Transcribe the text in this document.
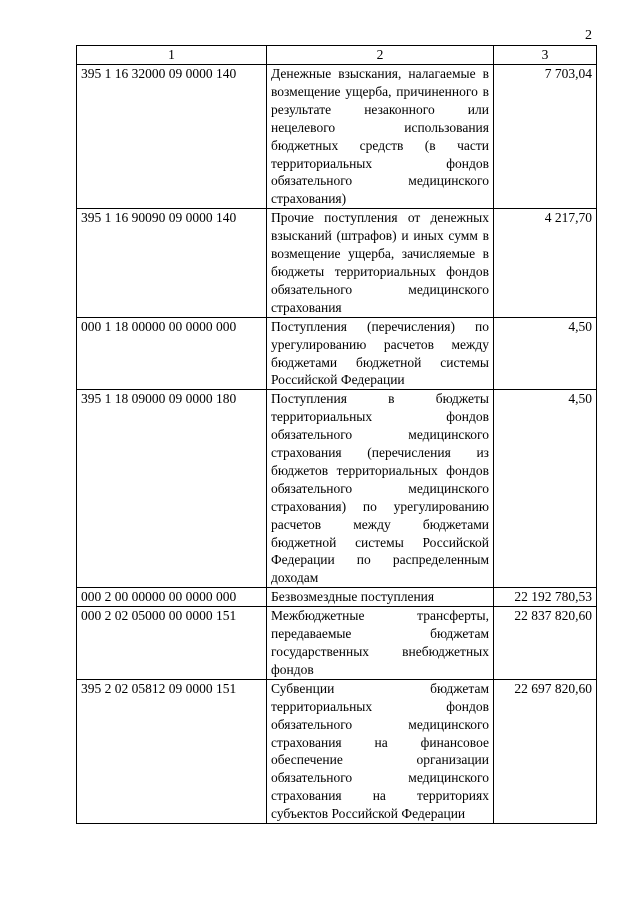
2
1	2	3
395 1 16 32000 09 0000 140	Денежные взыскания, налагаемые в возмещение ущерба, причиненного в результате незаконного или нецелевого использования бюджетных средств (в части территориальных фондов обязательного медицинского страхования)	7 703,04
395 1 16 90090 09 0000 140	Прочие поступления от денежных взысканий (штрафов) и иных сумм в возмещение ущерба, зачисляемые в бюджеты территориальных фондов обязательного медицинского страхования	4 217,70
000 1 18 00000 00 0000 000	Поступления (перечисления) по урегулированию расчетов между бюджетами бюджетной системы Российской Федерации	4,50
395 1 18 09000 09 0000 180	Поступления в бюджеты территориальных фондов обязательного медицинского страхования (перечисления из бюджетов территориальных фондов обязательного медицинского страхования) по урегулированию расчетов между бюджетами бюджетной системы Российской Федерации по распределенным доходам	4,50
000 2 00 00000 00 0000 000	Безвозмездные поступления	22 192 780,53
000 2 02 05000 00 0000 151	Межбюджетные трансферты, передаваемые бюджетам государственных внебюджетных фондов	22 837 820,60
395 2 02 05812 09 0000 151	Субвенции бюджетам территориальных фондов обязательного медицинского страхования на финансовое обеспечение организации обязательного медицинского страхования на территориях субъектов Российской Федерации	22 697 820,60
